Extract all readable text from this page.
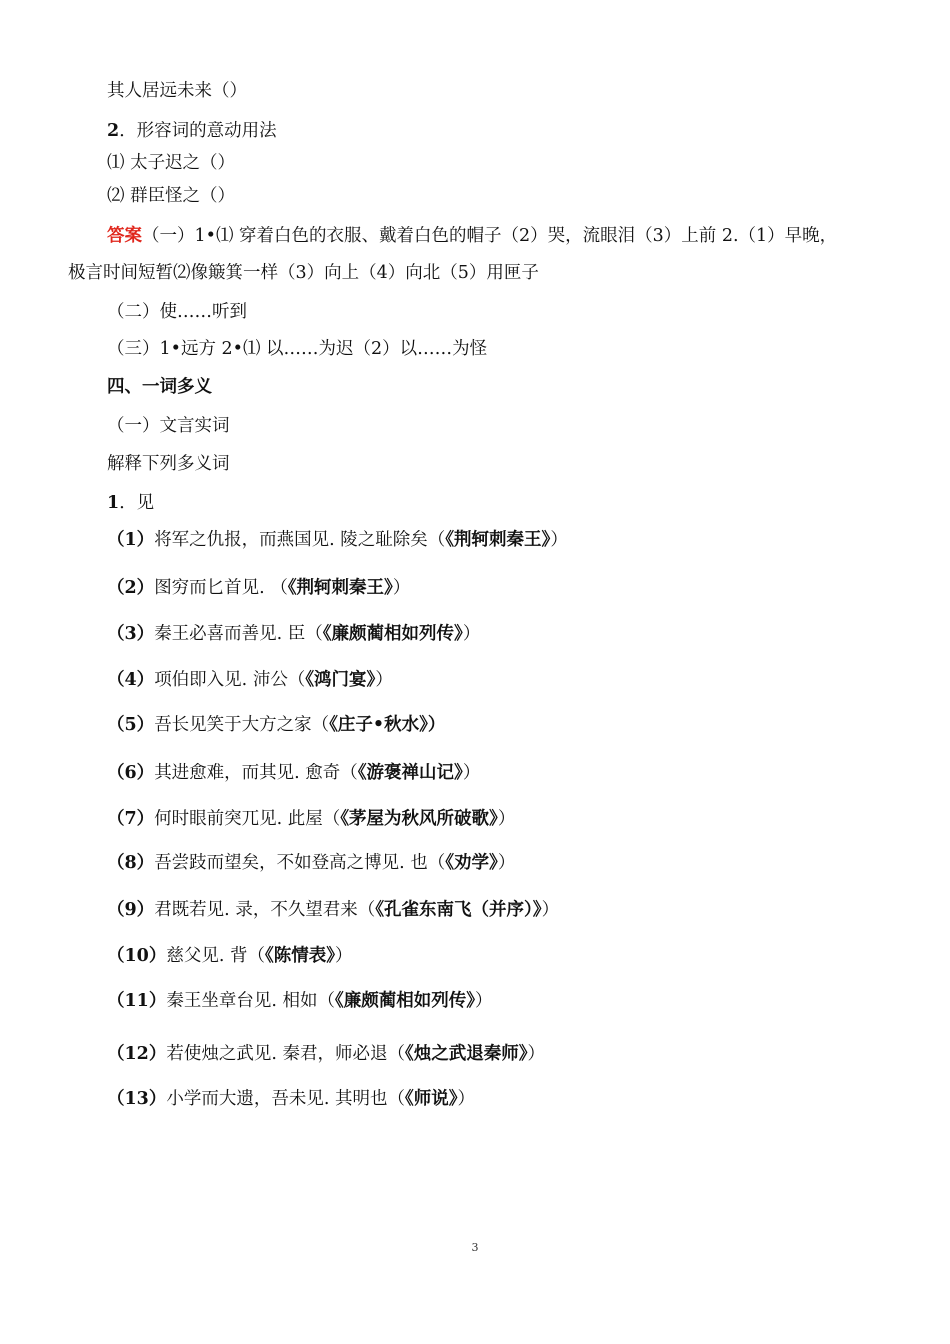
其人居远未来（）
2．形容词的意动用法
⑴ 太子迟之（）
⑵ 群臣怪之（）
答案（一）1•⑴ 穿着白色的衣服、戴着白色的帽子（2）哭，流眼泪（3）上前 2.（1）早晚，
极言时间短暂⑵像簸箕一样（3）向上（4）向北（5）用匣子
（二）使……听到
（三）1•远方 2•⑴ 以……为迟（2）以……为怪
四、一词多义
（一）文言实词
解释下列多义词
1．见
（1）将军之仇报，而燕国见. 陵之耻除矣（《荆轲刺秦王》）
（2）图穷而匕首见. （《荆轲刺秦王》）
（3）秦王必喜而善见. 臣（《廉颇蔺相如列传》）
（4）项伯即入见. 沛公（《鸿门宴》）
（5）吾长见笑于大方之家（《庄子•秋水》）
（6）其进愈难，而其见. 愈奇（《游褒禅山记》）
（7）何时眼前突兀见. 此屋（《茅屋为秋风所破歌》）
（8）吾尝跂而望矣，不如登高之博见. 也（《劝学》）
（9）君既若见. 录，不久望君来（《孔雀东南飞（并序）》）
（10）慈父见. 背（《陈情表》）
（11）秦王坐章台见. 相如（《廉颇蔺相如列传》）
（12）若使烛之武见. 秦君，师必退（《烛之武退秦师》）
（13）小学而大遗，吾未见. 其明也（《师说》）
3
